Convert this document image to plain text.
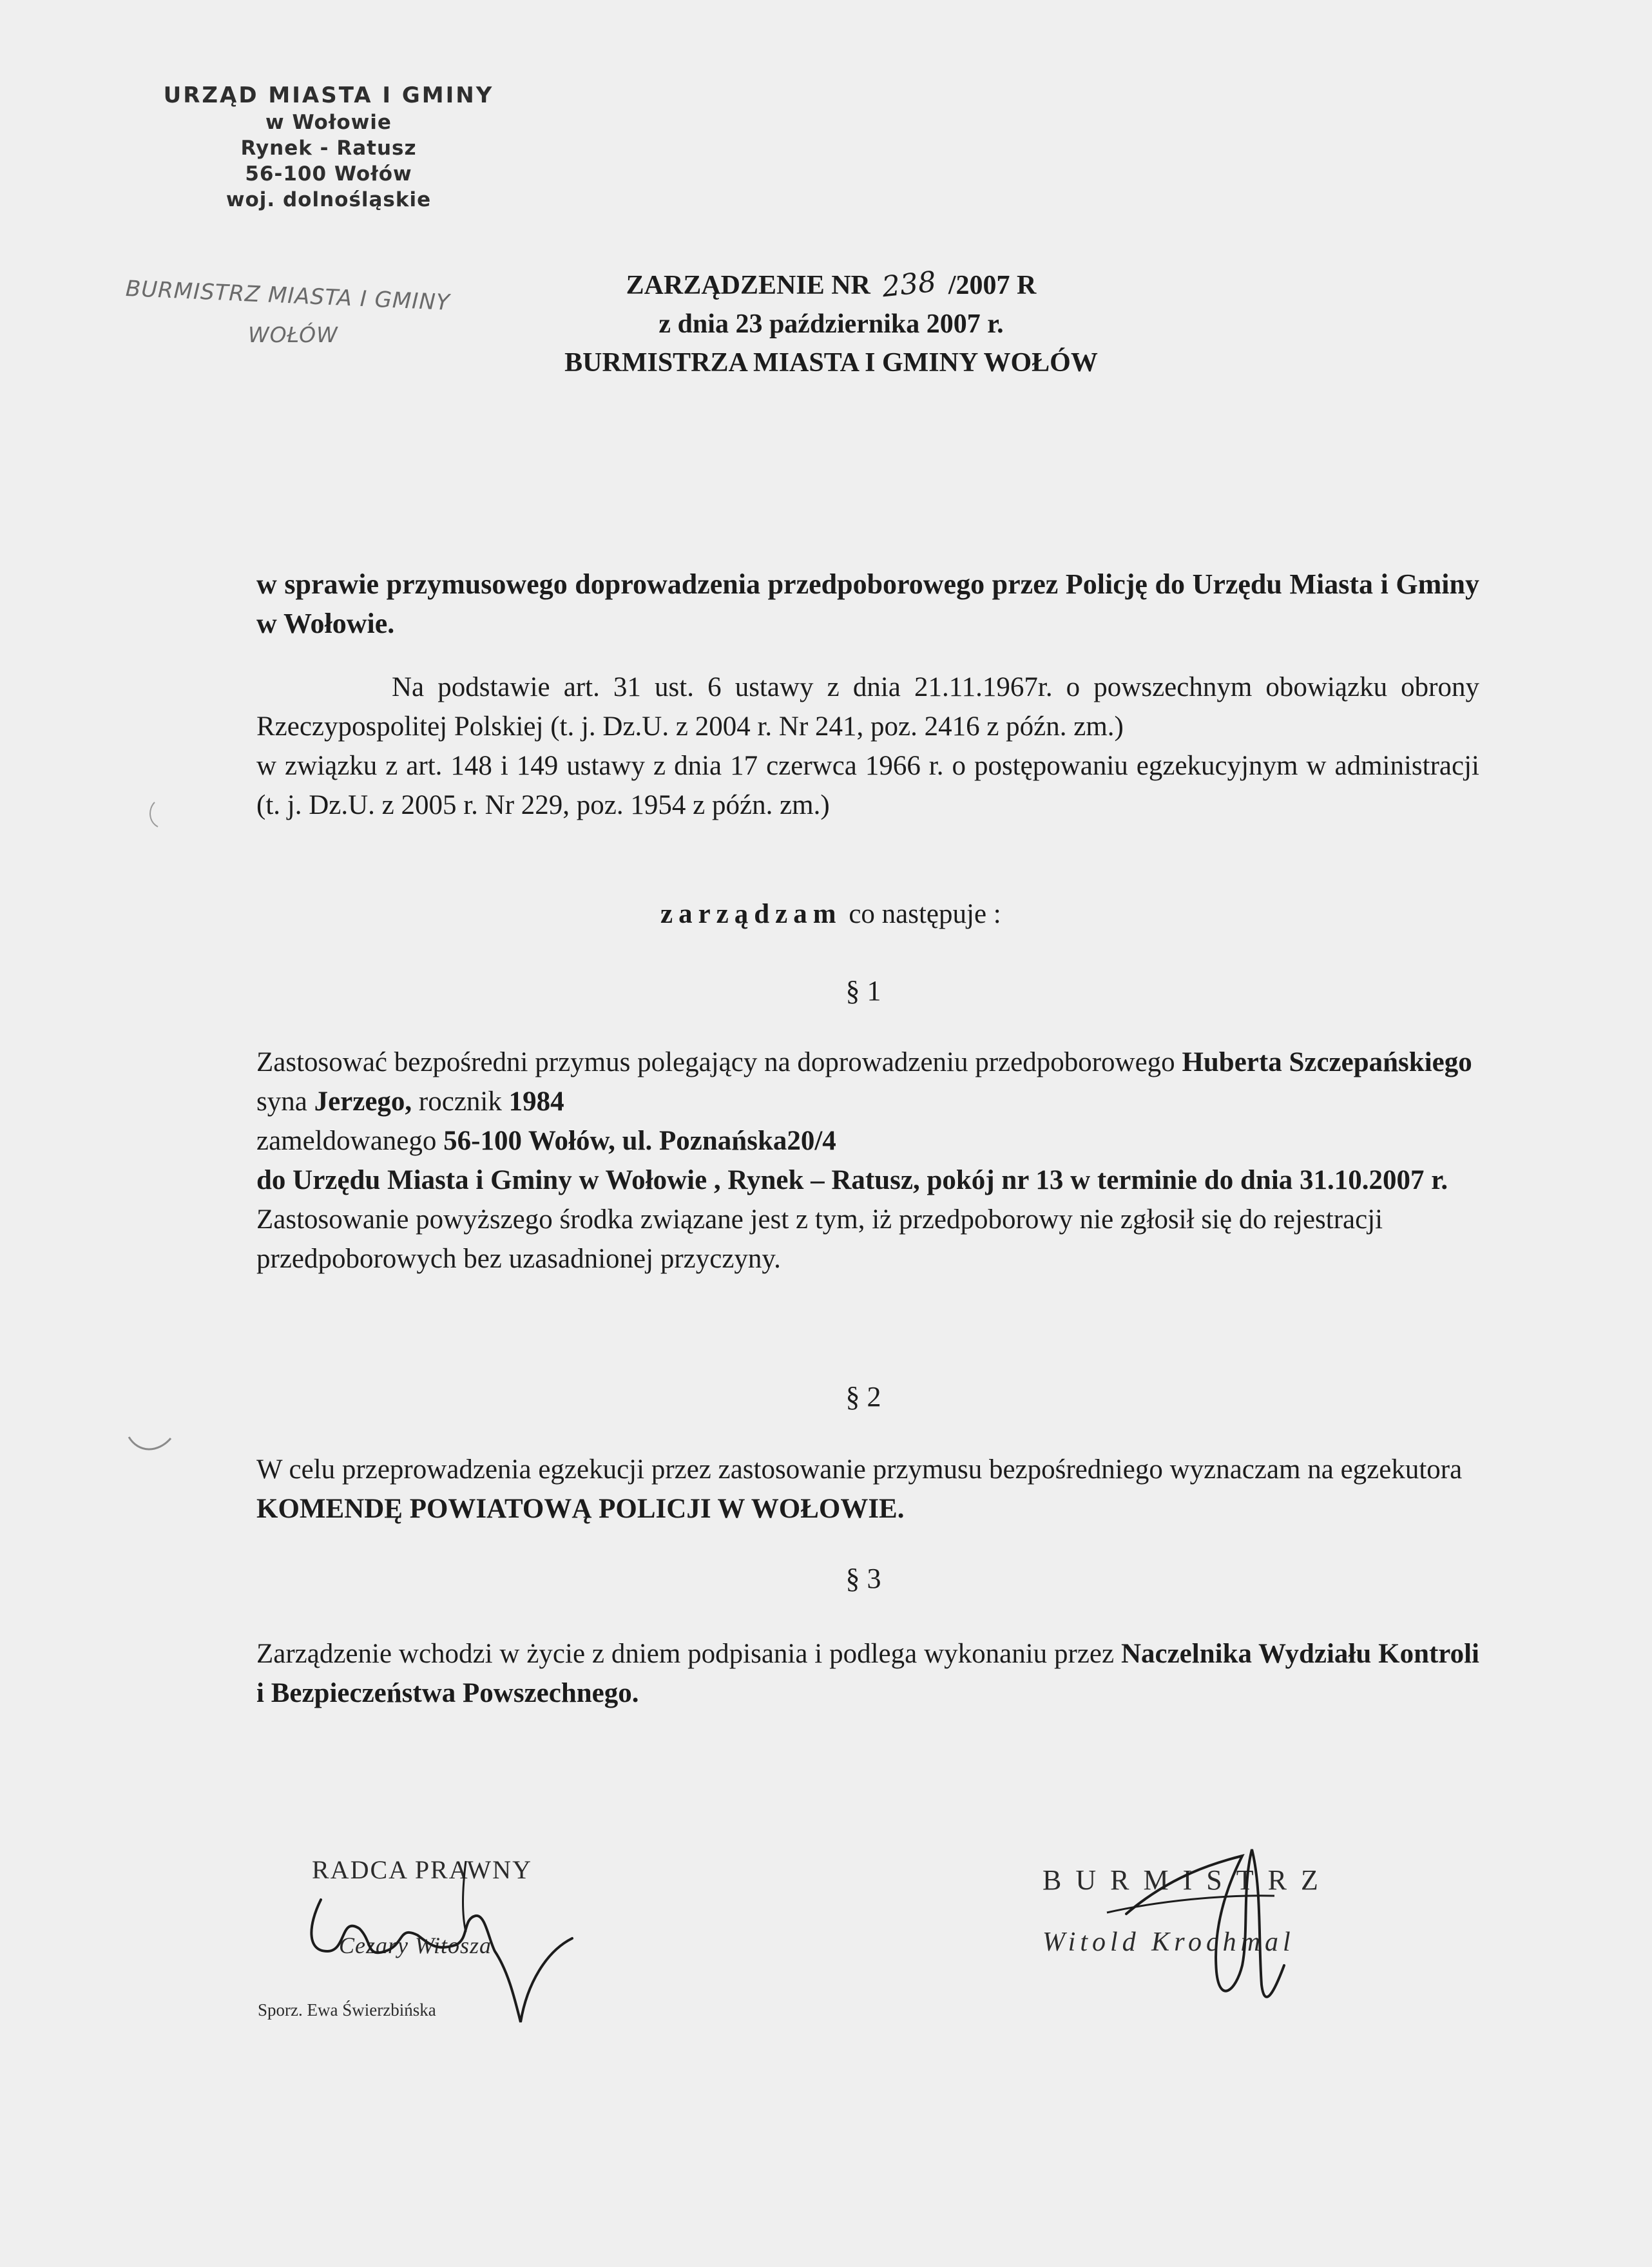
URZĄD MIASTA I GMINY
w Wołowie
Rynek - Ratusz
56-100 Wołów
woj. dolnośląskie
BURMISTRZ MIASTA I GMINY
WOŁÓW
ZARZĄDZENIE NR 238 /2007 R
z dnia 23 października 2007 r.
BURMISTRZA MIASTA I GMINY WOŁÓW
w sprawie przymusowego doprowadzenia przedpoborowego przez Policję do Urzędu Miasta i Gminy w Wołowie.

Na podstawie art. 31 ust. 6 ustawy z dnia 21.11.1967r. o powszechnym obowiązku obrony Rzeczypospolitej Polskiej (t. j. Dz.U. z 2004 r. Nr 241, poz. 2416 z późn. zm.)

w związku z art. 148 i 149 ustawy z dnia 17 czerwca 1966 r. o postępowaniu egzekucyjnym w administracji (t. j. Dz.U. z 2005 r. Nr 229, poz. 1954 z późn. zm.)

zarządzam co następuje :
§ 1

Zastosować bezpośredni przymus polegający na doprowadzeniu przedpoborowego Huberta Szczepańskiego

syna Jerzego, rocznik 1984

zameldowanego 56-100 Wołów, ul. Poznańska20/4

do Urzędu Miasta i Gminy w Wołowie , Rynek – Ratusz, pokój nr 13 w terminie do dnia 31.10.2007 r.

Zastosowanie powyższego środka związane jest z tym, iż przedpoborowy nie zgłosił się do rejestracji przedpoborowych bez uzasadnionej przyczyny.

§ 2

W celu przeprowadzenia egzekucji przez zastosowanie przymusu bezpośredniego wyznaczam na egzekutora KOMENDĘ POWIATOWĄ POLICJI W WOŁOWIE.

§ 3

Zarządzenie wchodzi w życie z dniem podpisania i podlega wykonaniu przez Naczelnika Wydziału Kontroli i Bezpieczeństwa Powszechnego.

RADCA PRAWNY
Cezary Witosza
Sporz. Ewa Świerzbińska
BURMISTRZ
Witold Krochmal
